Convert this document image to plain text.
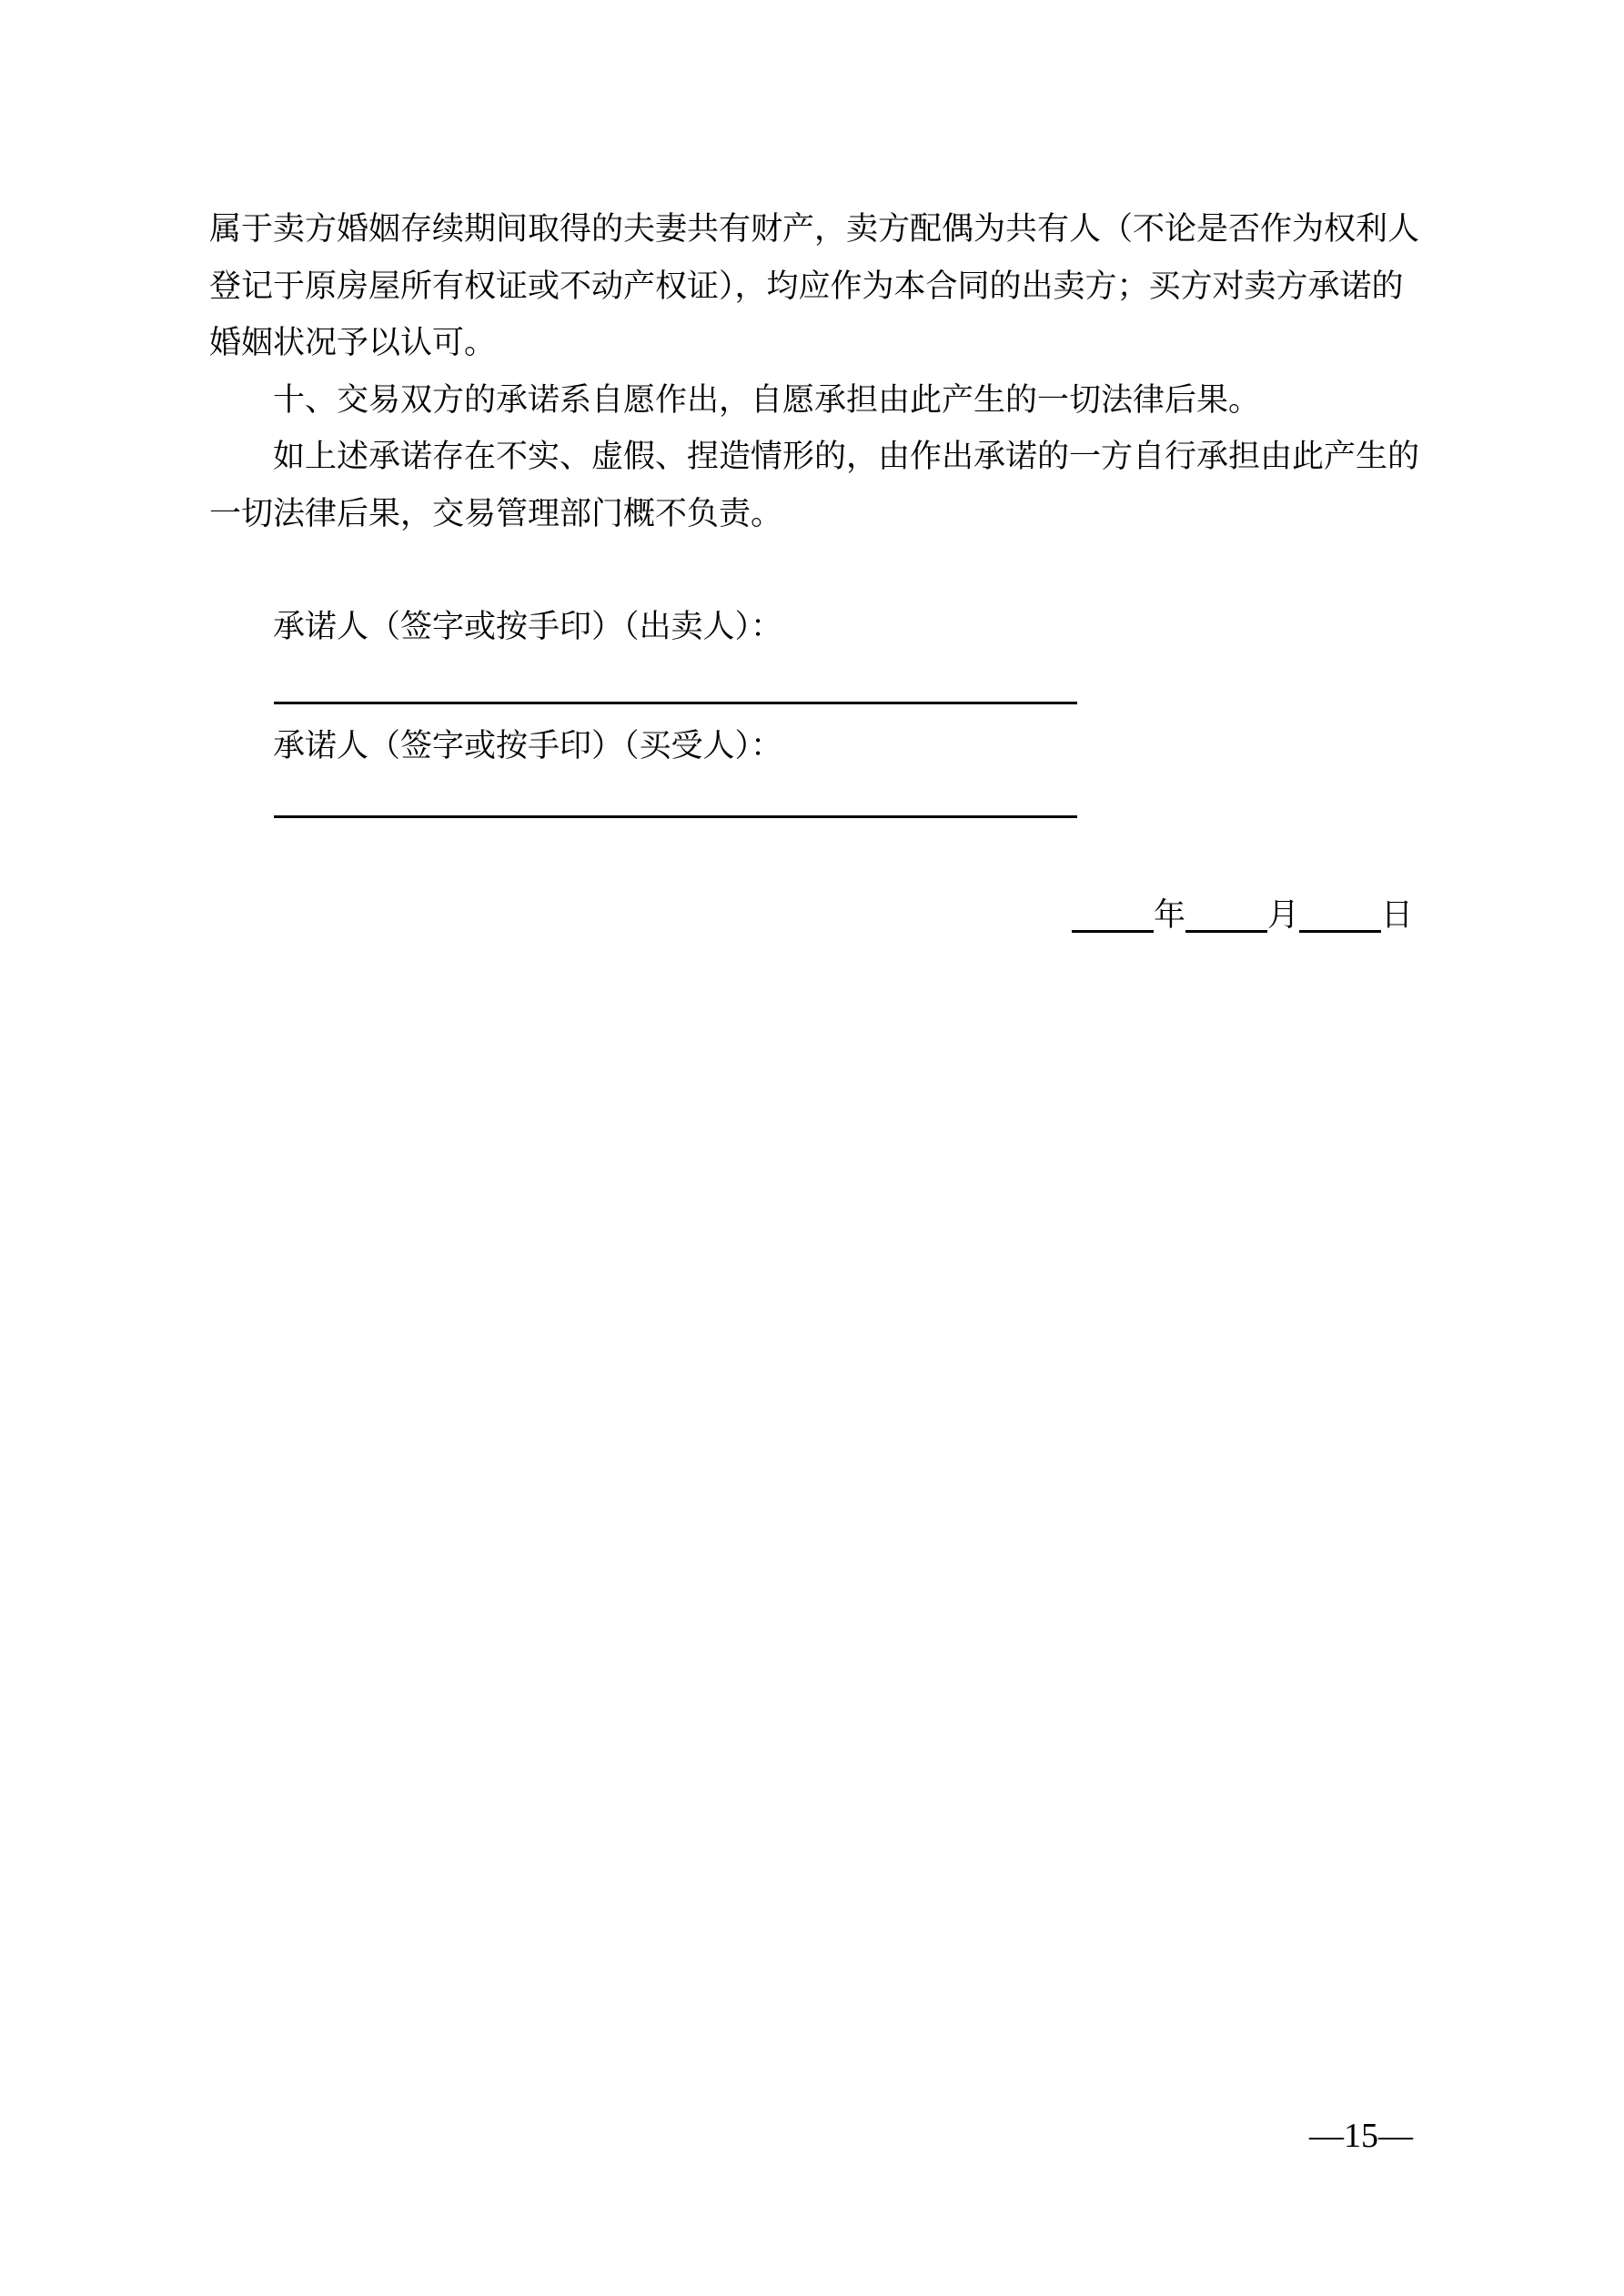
属于卖方婚姻存续期间取得的夫妻共有财产，卖方配偶为共有人（不论是否作为权利人
登记于原房屋所有权证或不动产权证），均应作为本合同的出卖方；买方对卖方承诺的
婚姻状况予以认可。
十、交易双方的承诺系自愿作出，自愿承担由此产生的一切法律后果。
如上述承诺存在不实、虚假、捏造情形的，由作出承诺的一方自行承担由此产生的
一切法律后果，交易管理部门概不负责。
承诺人（签字或按手印）（出卖人）：
承诺人（签字或按手印）（买受人）：
年	月	日
—15—
